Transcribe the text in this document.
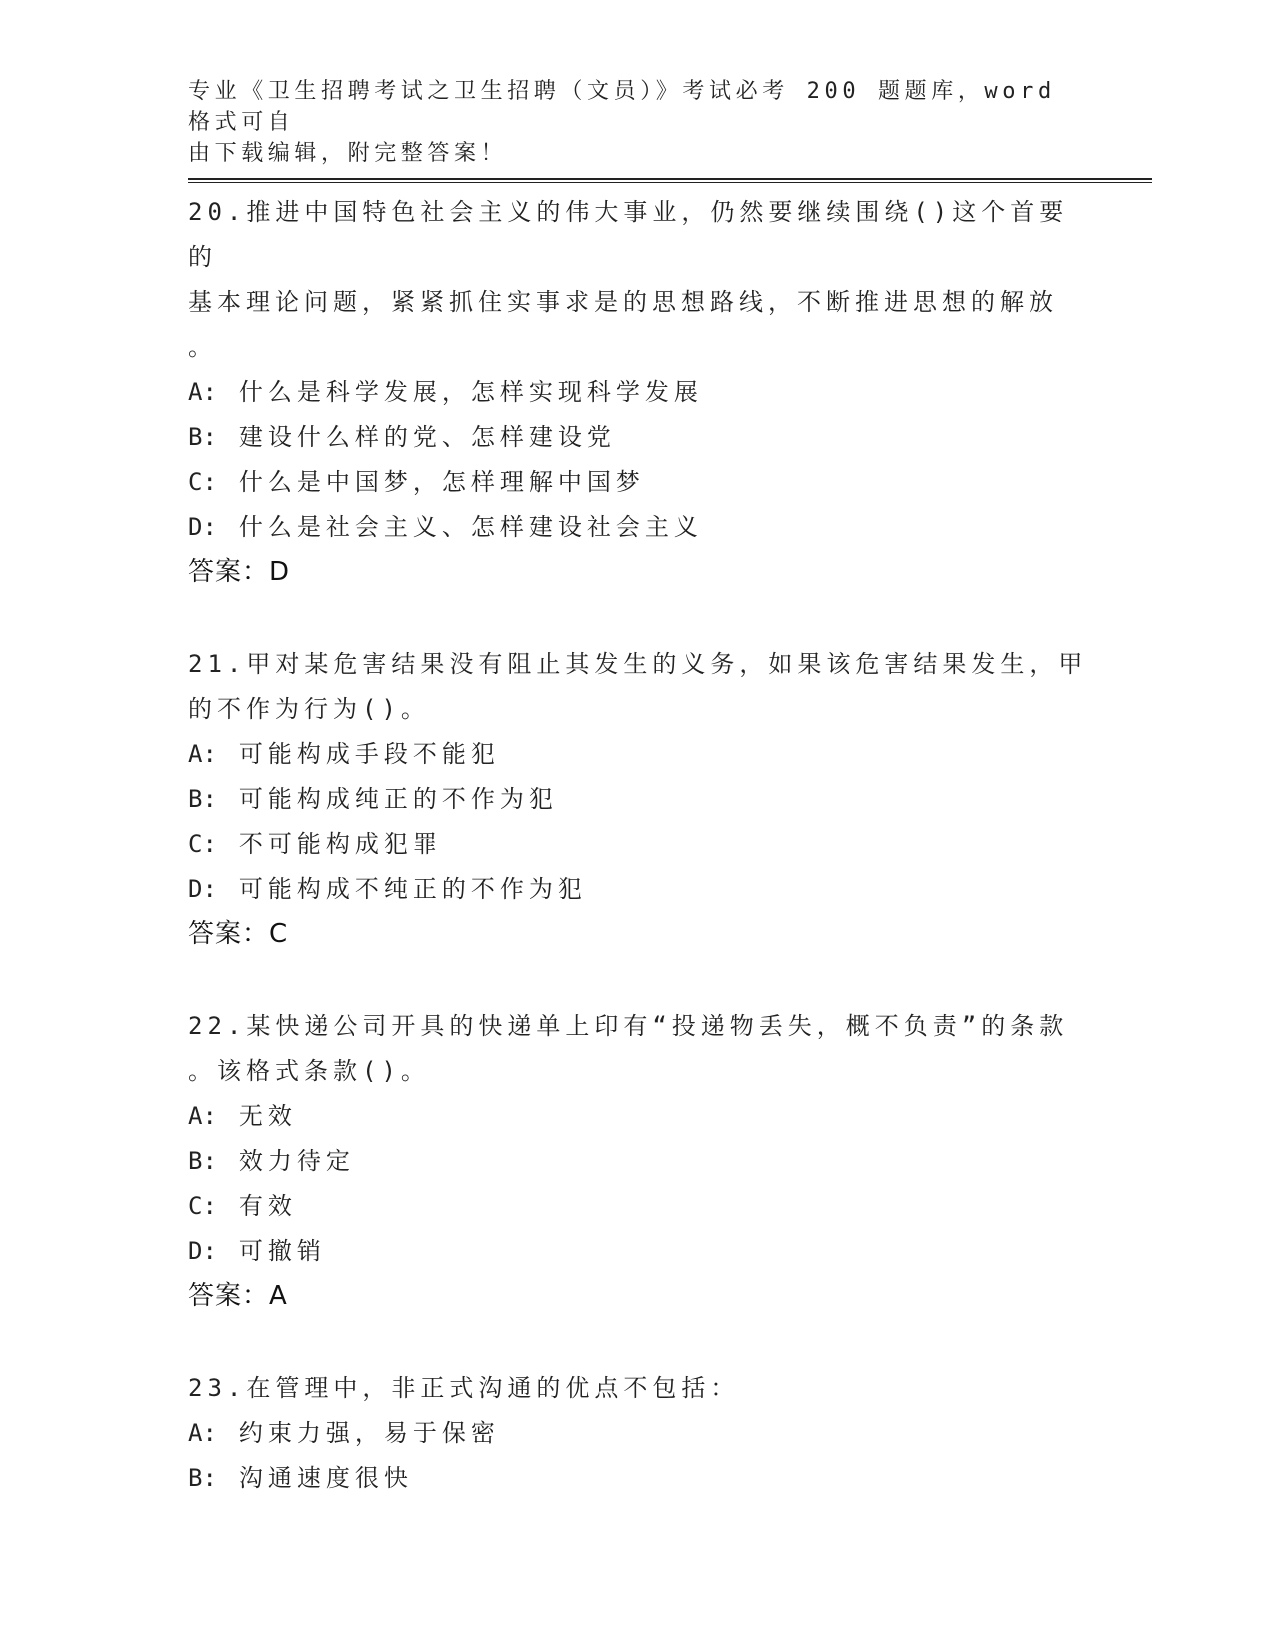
专业《卫生招聘考试之卫生招聘（文员）》考试必考 200 题题库，word 格式可自
由下载编辑，附完整答案！

20.推进中国特色社会主义的伟大事业，仍然要继续围绕()这个首要的

基本理论问题，紧紧抓住实事求是的思想路线，不断推进思想的解放

。

A: 什么是科学发展，怎样实现科学发展

B: 建设什么样的党、怎样建设党

C: 什么是中国梦，怎样理解中国梦

D: 什么是社会主义、怎样建设社会主义

答案：D

21.甲对某危害结果没有阻止其发生的义务，如果该危害结果发生，甲

的不作为行为()。

A: 可能构成手段不能犯

B: 可能构成纯正的不作为犯

C: 不可能构成犯罪

D: 可能构成不纯正的不作为犯

答案：C

22.某快递公司开具的快递单上印有“投递物丢失，概不负责”的条款

。该格式条款()。

A: 无效

B: 效力待定

C: 有效

D: 可撤销

答案：A

23.在管理中，非正式沟通的优点不包括：

A: 约束力强，易于保密

B: 沟通速度很快
